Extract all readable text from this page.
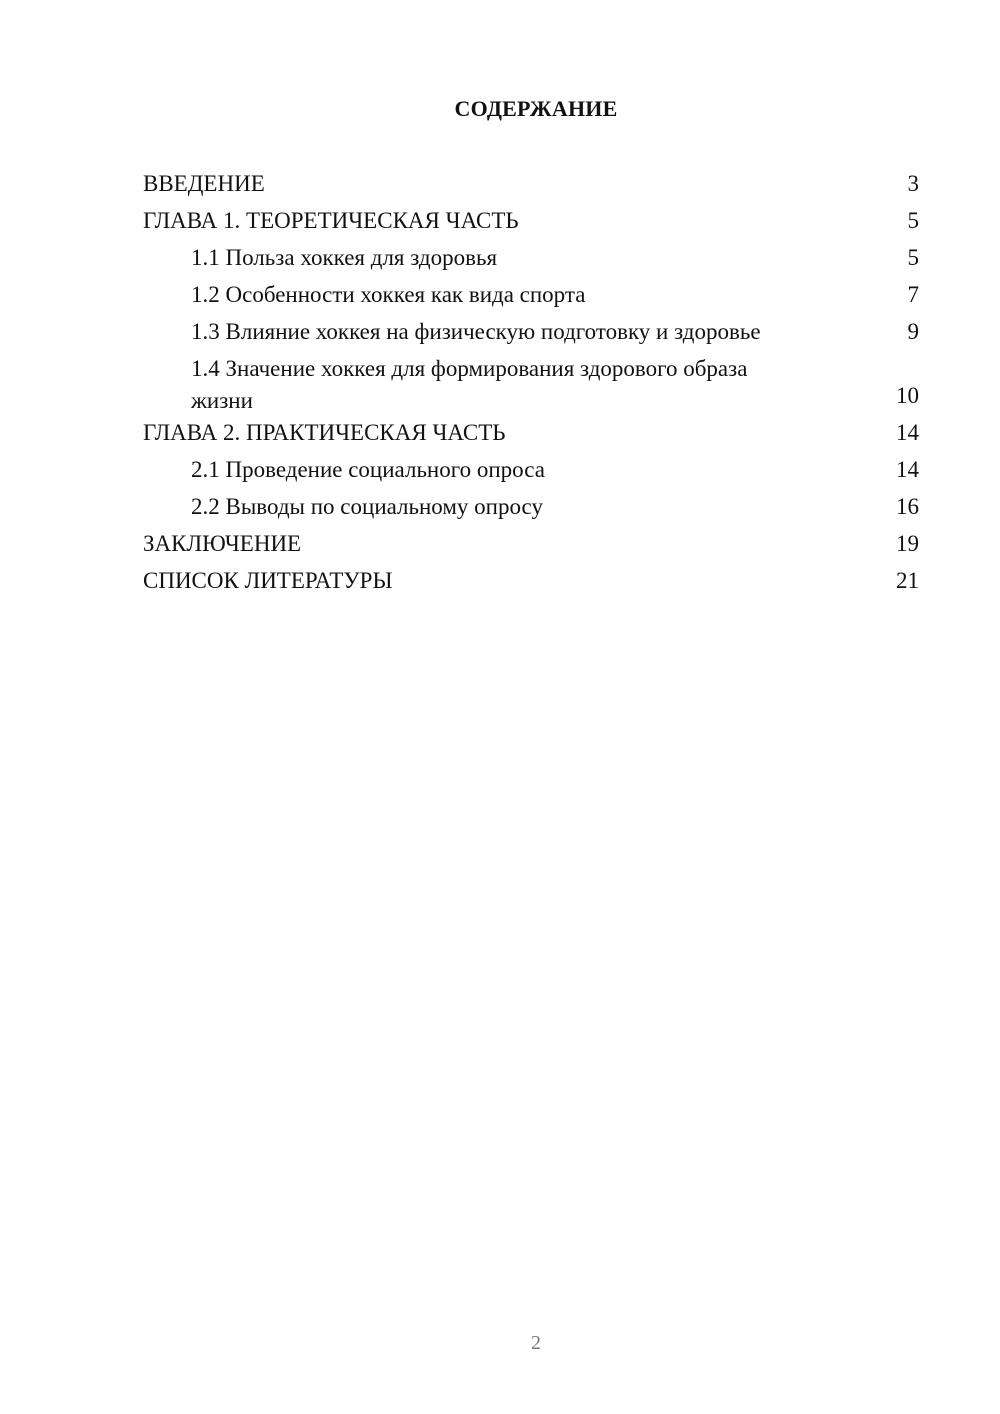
СОДЕРЖАНИЕ
ВВЕДЕНИЕ	3
ГЛАВА 1. ТЕОРЕТИЧЕСКАЯ ЧАСТЬ	5
1.1 Польза хоккея для здоровья	5
1.2 Особенности хоккея как вида спорта	7
1.3 Влияние хоккея на физическую подготовку и здоровье	9
1.4 Значение хоккея для формирования здорового образа жизни	10
ГЛАВА 2. ПРАКТИЧЕСКАЯ ЧАСТЬ	14
2.1 Проведение социального опроса	14
2.2 Выводы по социальному опросу	16
ЗАКЛЮЧЕНИЕ	19
СПИСОК ЛИТЕРАТУРЫ	21
2
